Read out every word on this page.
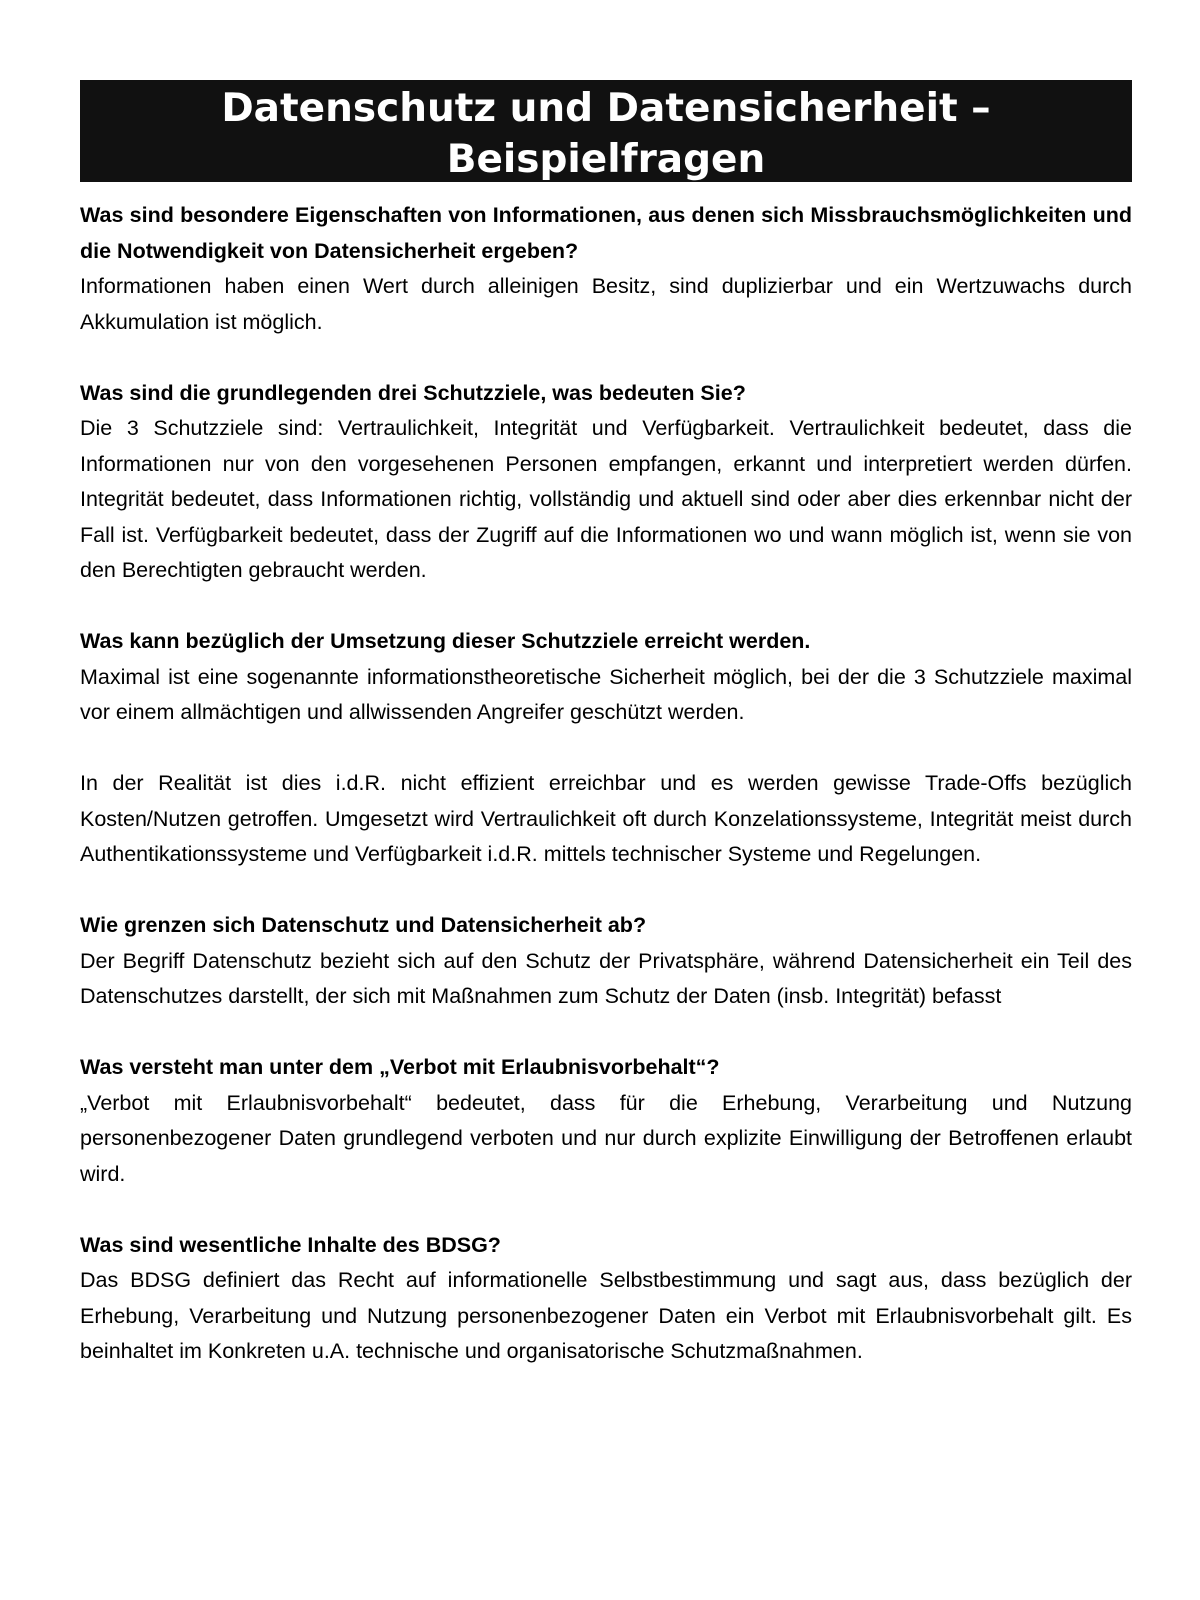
Datenschutz und Datensicherheit –
Beispielfragen
Was sind besondere Eigenschaften von Informationen, aus denen sich Missbrauchsmöglichkeiten und die Notwendigkeit von Datensicherheit ergeben?
Informationen haben einen Wert durch alleinigen Besitz, sind duplizierbar und ein Wertzuwachs durch Akkumulation ist möglich.
Was sind die grundlegenden drei Schutzziele, was bedeuten Sie?
Die 3 Schutzziele sind: Vertraulichkeit, Integrität und Verfügbarkeit. Vertraulichkeit bedeutet, dass die Informationen nur von den vorgesehenen Personen empfangen, erkannt und interpretiert werden dürfen. Integrität bedeutet, dass Informationen richtig, vollständig und aktuell sind oder aber dies erkennbar nicht der Fall ist. Verfügbarkeit bedeutet, dass der Zugriff auf die Informationen wo und wann möglich ist, wenn sie von den Berechtigten gebraucht werden.
Was kann bezüglich der Umsetzung dieser Schutzziele erreicht werden.
Maximal ist eine sogenannte informationstheoretische Sicherheit möglich, bei der die 3 Schutzziele maximal vor einem allmächtigen und allwissenden Angreifer geschützt werden.
In der Realität ist dies i.d.R. nicht effizient erreichbar und es werden gewisse Trade-Offs bezüglich Kosten/Nutzen getroffen. Umgesetzt wird Vertraulichkeit oft durch Konzelationssysteme, Integrität meist durch Authentikationssysteme und Verfügbarkeit i.d.R. mittels technischer Systeme und Regelungen.
Wie grenzen sich Datenschutz und Datensicherheit ab?
Der Begriff Datenschutz bezieht sich auf den Schutz der Privatsphäre, während Datensicherheit ein Teil des Datenschutzes darstellt, der sich mit Maßnahmen zum Schutz der Daten (insb. Integrität) befasst
Was versteht man unter dem „Verbot mit Erlaubnisvorbehalt“?
„Verbot mit Erlaubnisvorbehalt“ bedeutet, dass für die Erhebung, Verarbeitung und Nutzung personenbezogener Daten grundlegend verboten und nur durch explizite Einwilligung der Betroffenen erlaubt wird.
Was sind wesentliche Inhalte des BDSG?
Das BDSG definiert das Recht auf informationelle Selbstbestimmung und sagt aus, dass bezüglich der Erhebung, Verarbeitung und Nutzung personenbezogener Daten ein Verbot mit Erlaubnisvorbehalt gilt. Es beinhaltet im Konkreten u.A. technische und organisatorische Schutzmaßnahmen.
